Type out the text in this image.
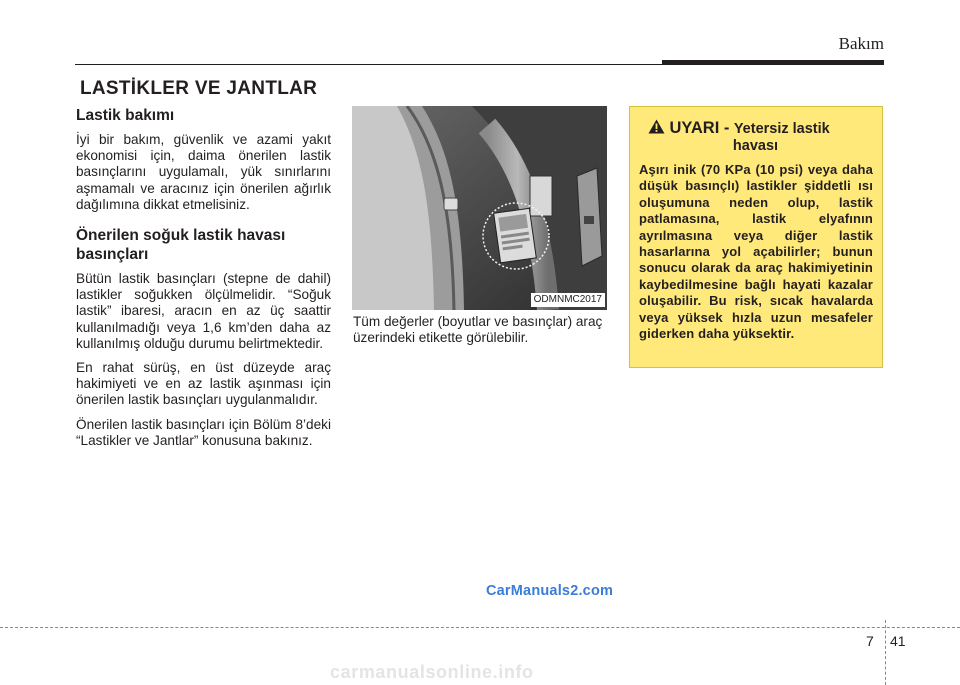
Bakım
LASTİKLER VE JANTLAR
Lastik bakımı

İyi bir bakım, güvenlik ve azami yakıt ekonomisi için, daima önerilen lastik basınçlarını uygulamalı, yük sınırlarını aşmamalı ve aracınız için önerilen ağırlık dağılımına dikkat etmelisiniz.

Önerilen soğuk lastik havası basınçları

Bütün lastik basınçları (stepne de dahil) lastikler soğukken ölçülmelidir. “Soğuk lastik” ibaresi, aracın en az üç saattir kullanılmadığı veya 1,6 km’den daha az kullanılmış olduğu durumu belirtmektedir.

En rahat sürüş, en üst düzeyde araç hakimiyeti ve en az lastik aşınması için önerilen lastik basınçları uygulanmalıdır.

Önerilen lastik basınçları için Bölüm 8’deki “Lastikler ve Jantlar” konusuna bakınız.

ODMNMC2017
Tüm değerler (boyutlar ve basınçlar) araç üzerindeki etikette görülebilir.
UYARI - Yetersiz lastik
havası
Aşırı inik (70 KPa (10 psi) veya daha düşük basınçlı) lastikler şiddetli ısı oluşumuna neden olup, lastik patlamasına, lastik elyafının ayrılmasına veya diğer lastik hasarlarına yol açabilirler; bunun sonucu olarak da araç hakimiyetinin kaybedilmesine bağlı hayati kazalar oluşabilir. Bu risk, sıcak havalarda veya yüksek hızla uzun mesafeler giderken daha yüksektir.
CarManuals2.com
7 41
carmanualsonline.info
